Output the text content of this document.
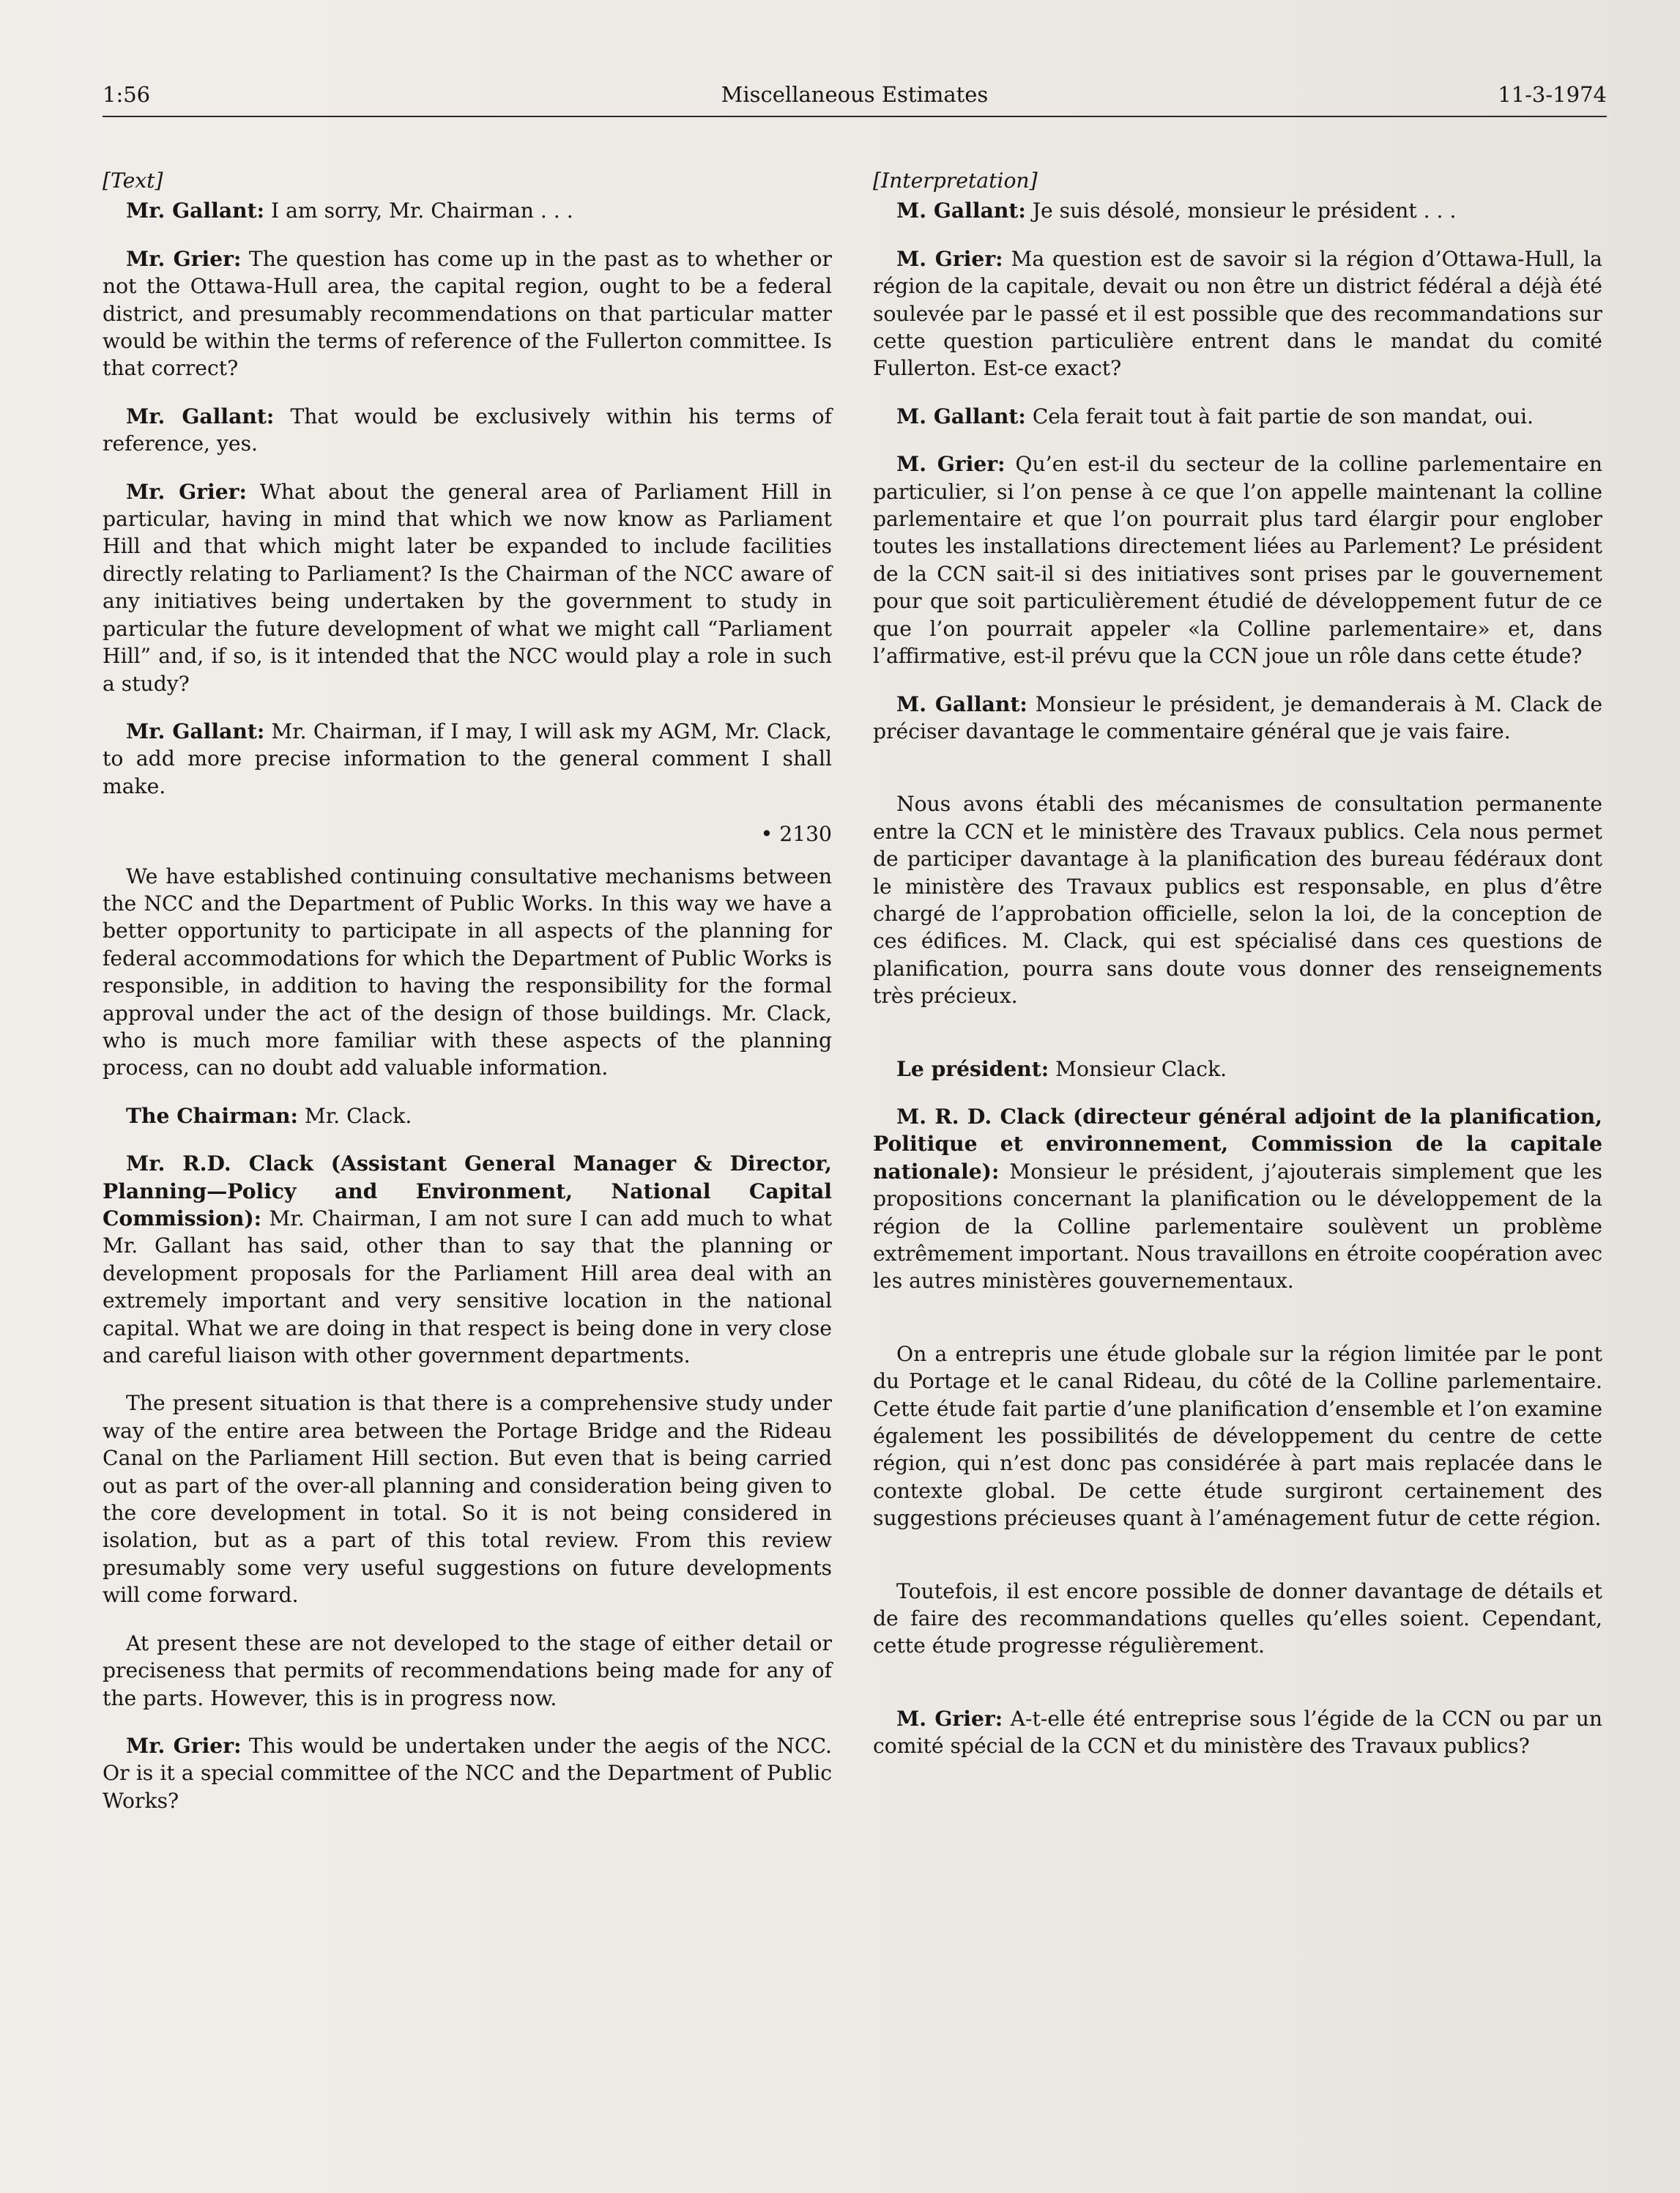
1:56	Miscellaneous Estimates	11-3-1974

[Text]

Mr. Gallant: I am sorry, Mr. Chairman . . .

Mr. Grier: The question has come up in the past as to whether or not the Ottawa-Hull area, the capital region, ought to be a federal district, and presumably recommendations on that particular matter would be within the terms of reference of the Fullerton committee. Is that correct?

Mr. Gallant: That would be exclusively within his terms of reference, yes.

Mr. Grier: What about the general area of Parliament Hill in particular, having in mind that which we now know as Parliament Hill and that which might later be expanded to include facilities directly relating to Parliament? Is the Chairman of the NCC aware of any initiatives being undertaken by the government to study in particular the future development of what we might call “Parliament Hill” and, if so, is it intended that the NCC would play a role in such a study?

Mr. Gallant: Mr. Chairman, if I may, I will ask my AGM, Mr. Clack, to add more precise information to the general comment I shall make.

• 2130

We have established continuing consultative mechanisms between the NCC and the Department of Public Works. In this way we have a better opportunity to participate in all aspects of the planning for federal accommodations for which the Department of Public Works is responsible, in addition to having the responsibility for the formal approval under the act of the design of those buildings. Mr. Clack, who is much more familiar with these aspects of the planning process, can no doubt add valuable information.

The Chairman: Mr. Clack.

Mr. R.D. Clack (Assistant General Manager & Director, Planning—Policy and Environment, National Capital Commission): Mr. Chairman, I am not sure I can add much to what Mr. Gallant has said, other than to say that the planning or development proposals for the Parliament Hill area deal with an extremely important and very sensitive location in the national capital. What we are doing in that respect is being done in very close and careful liaison with other government departments.

The present situation is that there is a comprehensive study under way of the entire area between the Portage Bridge and the Rideau Canal on the Parliament Hill section. But even that is being carried out as part of the over-all planning and consideration being given to the core development in total. So it is not being considered in isolation, but as a part of this total review. From this review presumably some very useful suggestions on future developments will come forward.

At present these are not developed to the stage of either detail or preciseness that permits of recommendations being made for any of the parts. However, this is in progress now.

Mr. Grier: This would be undertaken under the aegis of the NCC. Or is it a special committee of the NCC and the Department of Public Works?

[Interpretation]

M. Gallant: Je suis désolé, monsieur le président . . .

M. Grier: Ma question est de savoir si la région d’Ottawa-Hull, la région de la capitale, devait ou non être un district fédéral a déjà été soulevée par le passé et il est possible que des recommandations sur cette question particulière entrent dans le mandat du comité Fullerton. Est-ce exact?

M. Gallant: Cela ferait tout à fait partie de son mandat, oui.

M. Grier: Qu’en est-il du secteur de la colline parlementaire en particulier, si l’on pense à ce que l’on appelle maintenant la colline parlementaire et que l’on pourrait plus tard élargir pour englober toutes les installations directement liées au Parlement? Le président de la CCN sait-il si des initiatives sont prises par le gouvernement pour que soit particulièrement étudié de développement futur de ce que l’on pourrait appeler «la Colline parlementaire» et, dans l’affirmative, est-il prévu que la CCN joue un rôle dans cette étude?

M. Gallant: Monsieur le président, je demanderais à M. Clack de préciser davantage le commentaire général que je vais faire.

Nous avons établi des mécanismes de consultation permanente entre la CCN et le ministère des Travaux publics. Cela nous permet de participer davantage à la planification des bureau fédéraux dont le ministère des Travaux publics est responsable, en plus d’être chargé de l’approbation officielle, selon la loi, de la conception de ces édifices. M. Clack, qui est spécialisé dans ces questions de planification, pourra sans doute vous donner des renseignements très précieux.

Le président: Monsieur Clack.

M. R. D. Clack (directeur général adjoint de la planification, Politique et environnement, Commission de la capitale nationale): Monsieur le président, j’ajouterais simplement que les propositions concernant la planification ou le développement de la région de la Colline parlementaire soulèvent un problème extrêmement important. Nous travaillons en étroite coopération avec les autres ministères gouvernementaux.

On a entrepris une étude globale sur la région limitée par le pont du Portage et le canal Rideau, du côté de la Colline parlementaire. Cette étude fait partie d’une planification d’ensemble et l’on examine également les possibilités de développement du centre de cette région, qui n’est donc pas considérée à part mais replacée dans le contexte global. De cette étude surgiront certainement des suggestions précieuses quant à l’aménagement futur de cette région.

Toutefois, il est encore possible de donner davantage de détails et de faire des recommandations quelles qu’elles soient. Cependant, cette étude progresse régulièrement.

M. Grier: A-t-elle été entreprise sous l’égide de la CCN ou par un comité spécial de la CCN et du ministère des Travaux publics?
